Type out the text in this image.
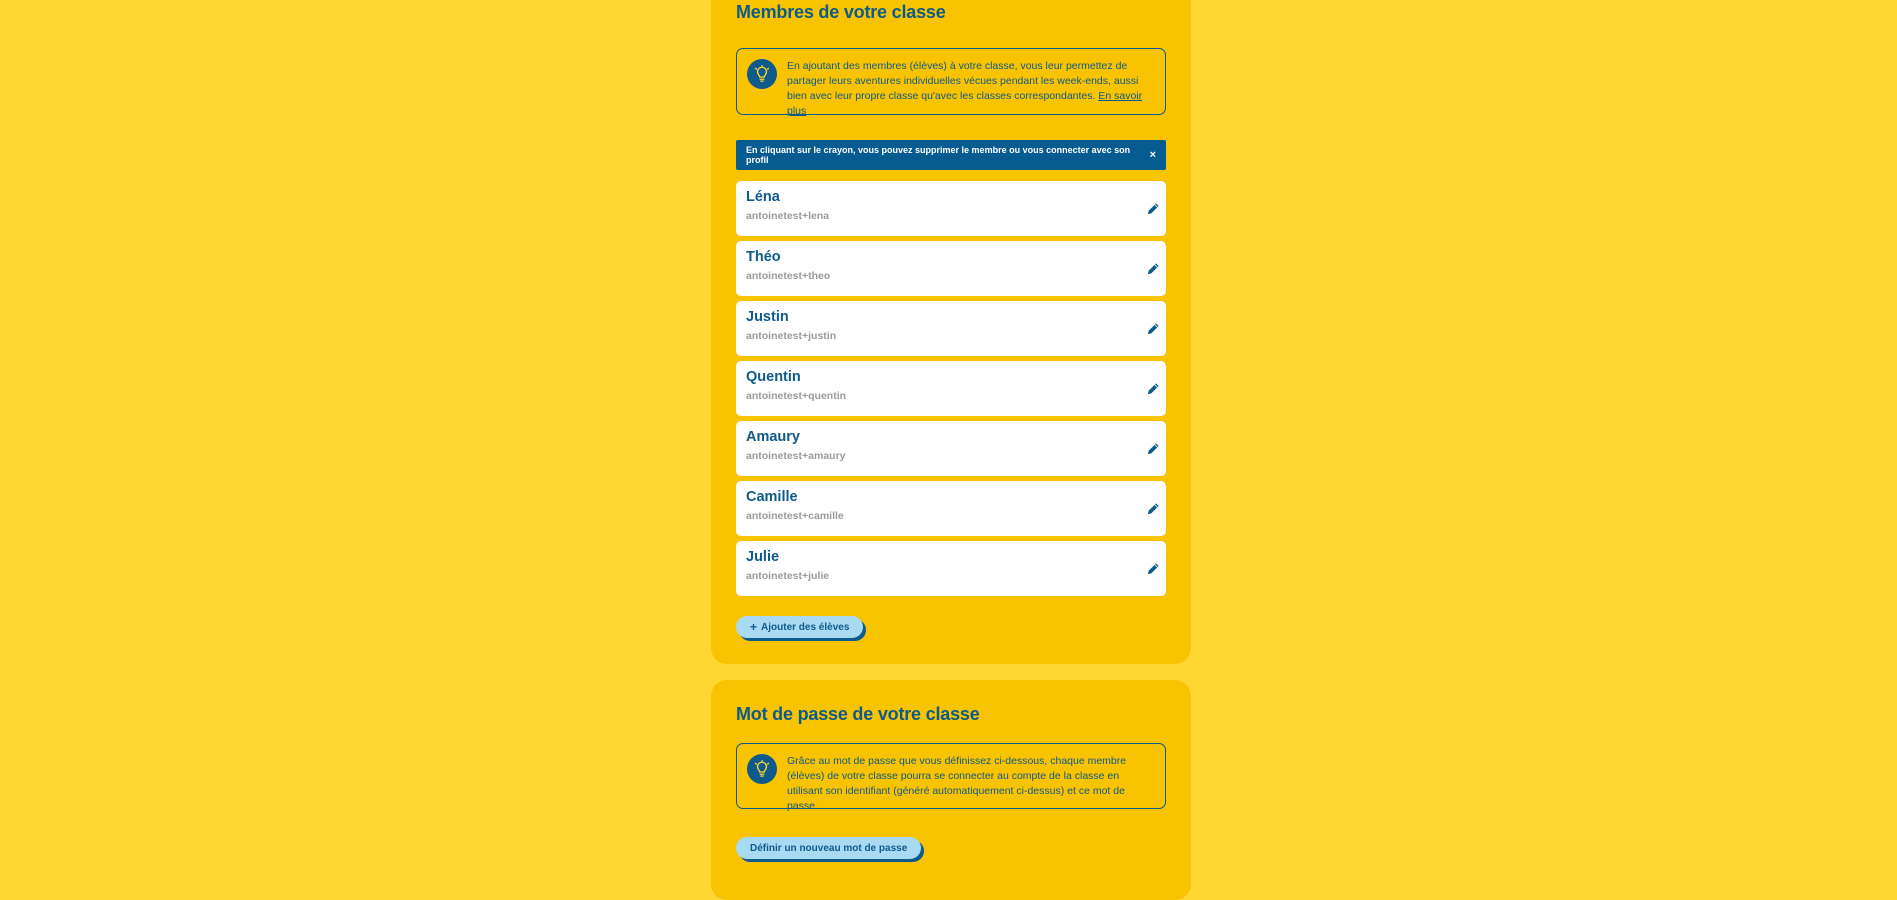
Membres de votre classe
En ajoutant des membres (élèves) à votre classe, vous leur permettez de partager leurs aventures individuelles vécues pendant les week-ends, aussi bien avec leur propre classe qu'avec les classes correspondantes. En savoir plus
En cliquant sur le crayon, vous pouvez supprimer le membre ou vous connecter avec son profil	×
Léna
antoinetest+lena
Théo
antoinetest+theo
Justin
antoinetest+justin
Quentin
antoinetest+quentin
Amaury
antoinetest+amaury
Camille
antoinetest+camille
Julie
antoinetest+julie
+ Ajouter des élèves
Mot de passe de votre classe
Grâce au mot de passe que vous définissez ci-dessous, chaque membre (élèves) de votre classe pourra se connecter au compte de la classe en utilisant son identifiant (généré automatiquement ci-dessus) et ce mot de passe.
Définir un nouveau mot de passe
